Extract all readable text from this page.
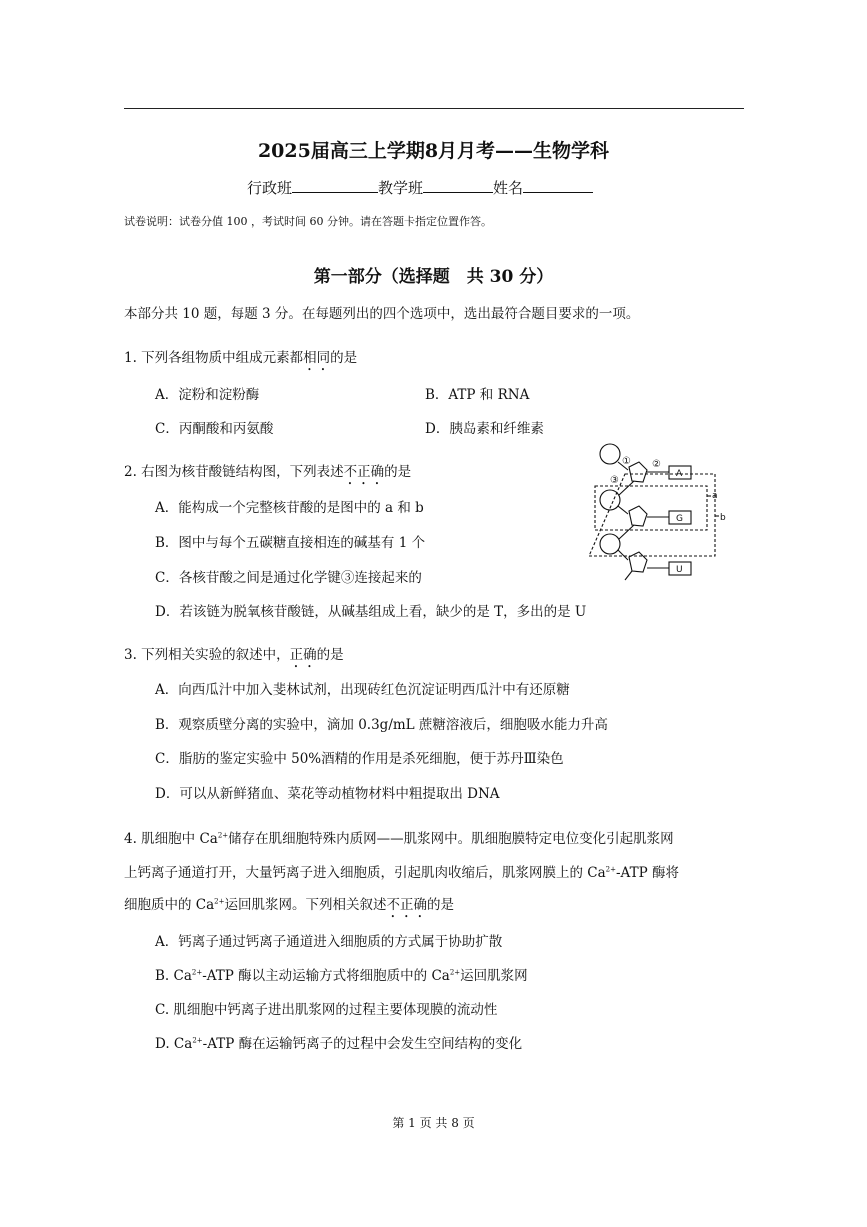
2025届高三上学期8月月考——生物学科
行政班	教学班	姓名
试卷说明：试卷分值 100 ，考试时间 60 分钟。请在答题卡指定位置作答。
第一部分（选择题　共 30 分）
本部分共 10 题，每题 3 分。在每题列出的四个选项中，选出最符合题目要求的一项。
1. 下列各组物质中组成元素都相同的是
A．淀粉和淀粉酶	B．ATP 和 RNA
C．丙酮酸和丙氨酸	D．胰岛素和纤维素
2. 右图为核苷酸链结构图，下列表述不正确的是
A．能构成一个完整核苷酸的是图中的 a 和 b
B．图中与每个五碳糖直接相连的碱基有 1 个
C．各核苷酸之间是通过化学键③连接起来的
D．若该链为脱氧核苷酸链，从碱基组成上看，缺少的是 T，多出的是 U
① ②
③
A
G
U
a
b
3. 下列相关实验的叙述中，正确的是
A．向西瓜汁中加入斐林试剂，出现砖红色沉淀证明西瓜汁中有还原糖
B．观察质壁分离的实验中，滴加 0.3g/mL 蔗糖溶液后，细胞吸水能力升高
C．脂肪的鉴定实验中 50%酒精的作用是杀死细胞，便于苏丹Ⅲ染色
D．可以从新鲜猪血、菜花等动植物材料中粗提取出 DNA
4. 肌细胞中 $Ca^{2+}$储存在肌细胞特殊内质网——肌浆网中。肌细胞膜特定电位变化引起肌浆网
上钙离子通道打开，大量钙离子进入细胞质，引起肌肉收缩后，肌浆网膜上的 $Ca^{2+}$-ATP 酶将
细胞质中的 $Ca^{2+}$运回肌浆网。下列相关叙述不正确的是
A．钙离子通过钙离子通道进入细胞质的方式属于协助扩散
B. $Ca^{2+}$-ATP 酶以主动运输方式将细胞质中的 $Ca^{2+}$运回肌浆网
C. 肌细胞中钙离子进出肌浆网的过程主要体现膜的流动性
D. $Ca^{2+}$-ATP 酶在运输钙离子的过程中会发生空间结构的变化
第 1 页 共 8 页
